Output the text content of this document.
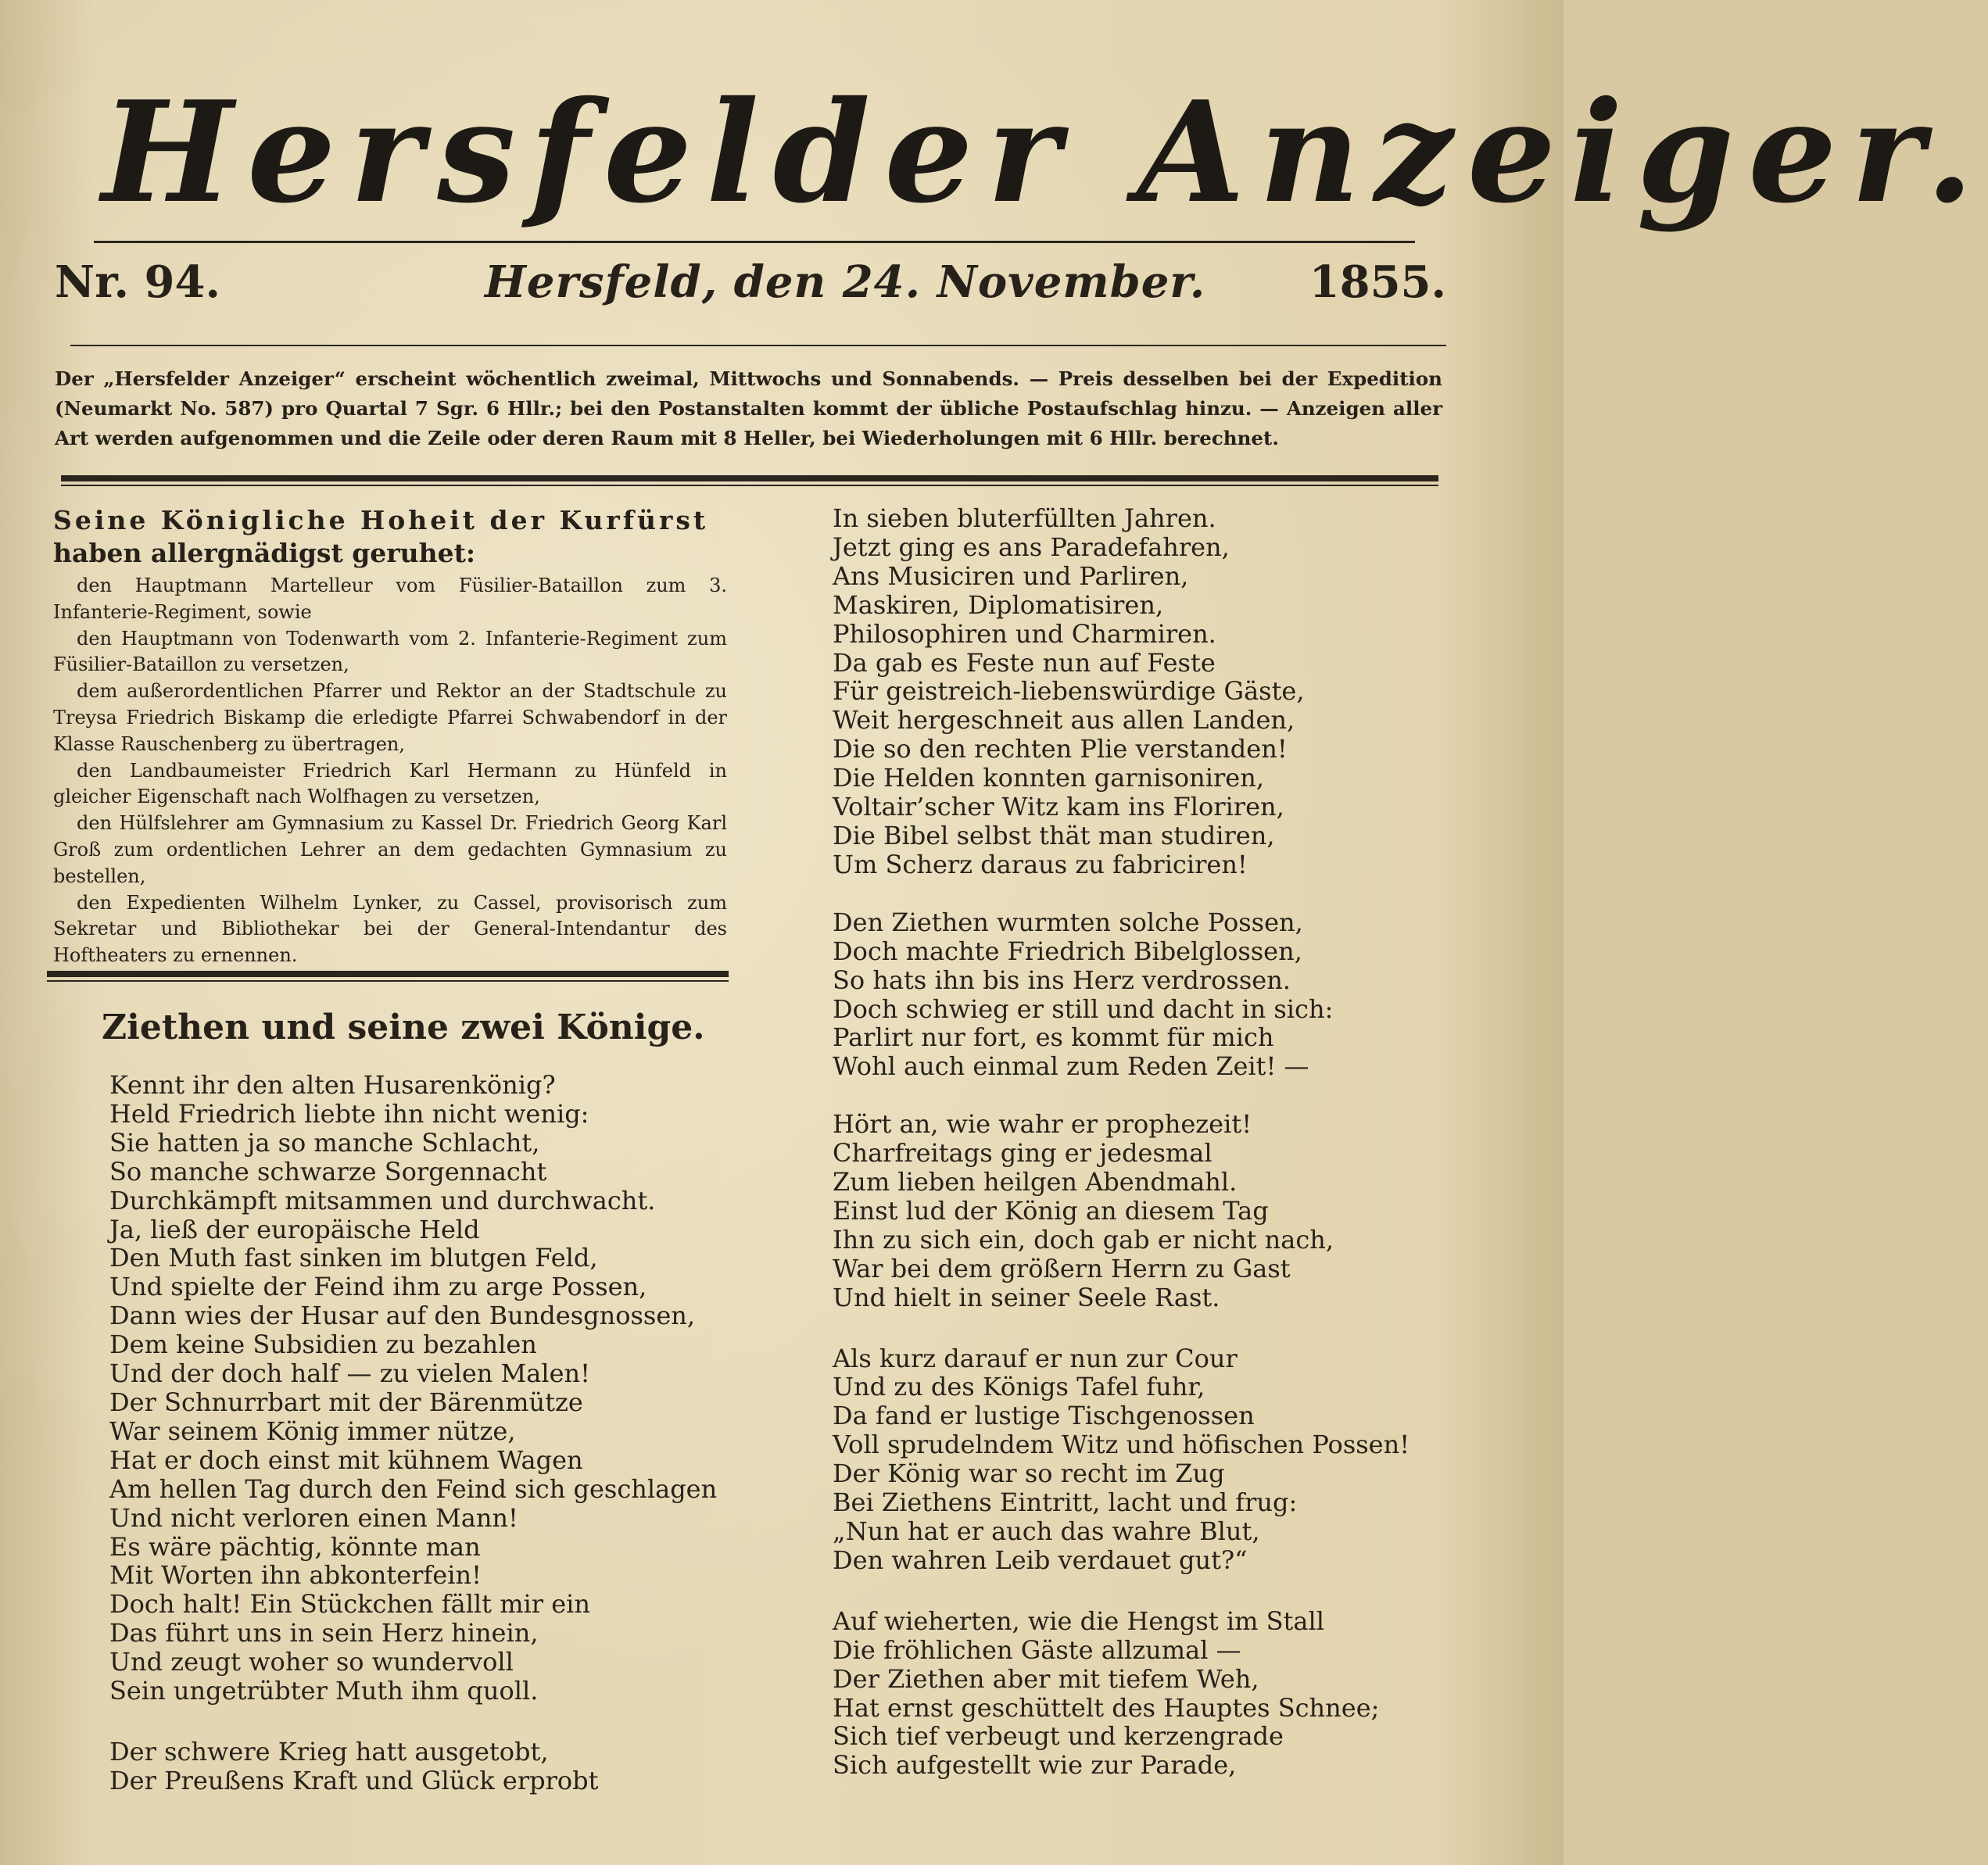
Hersfelder Anzeiger.
Nr. 94.	Hersfeld, den 24. November. 1855.
Der „Hersfelder Anzeiger“ erscheint wöchentlich zweimal, Mittwochs und Sonnabends. — Preis desselben bei der Expedition (Neumarkt No. 587) pro Quartal 7 Sgr. 6 Hllr.; bei den Postanstalten kommt der übliche Postaufschlag hinzu. — Anzeigen aller Art werden aufgenommen und die Zeile oder deren Raum mit 8 Heller, bei Wiederholungen mit 6 Hllr. berechnet.

Seine Königliche Hoheit der Kurfürst
haben allergnädigst geruhet:

den Hauptmann Martelleur vom Füsilier-Bataillon zum 3. Infanterie-Regiment, sowie

den Hauptmann von Todenwarth vom 2. Infanterie-Regiment zum Füsilier-Bataillon zu versetzen,

dem außerordentlichen Pfarrer und Rektor an der Stadtschule zu Treysa Friedrich Biskamp die erledigte Pfarrei Schwabendorf in der Klasse Rauschenberg zu übertragen,

den Landbaumeister Friedrich Karl Hermann zu Hünfeld in gleicher Eigenschaft nach Wolfhagen zu versetzen,

den Hülfslehrer am Gymnasium zu Kassel Dr. Friedrich Georg Karl Groß zum ordentlichen Lehrer an dem gedachten Gymnasium zu bestellen,

den Expedienten Wilhelm Lynker, zu Cassel, provisorisch zum Sekretar und Bibliothekar bei der General-Intendantur des Hoftheaters zu ernennen.

Ziethen und seine zwei Könige.
Kennt ihr den alten Husarenkönig?
Held Friedrich liebte ihn nicht wenig:
Sie hatten ja so manche Schlacht,
So manche schwarze Sorgennacht
Durchkämpft mitsammen und durchwacht.
Ja, ließ der europäische Held
Den Muth fast sinken im blutgen Feld,
Und spielte der Feind ihm zu arge Possen,
Dann wies der Husar auf den Bundesgnossen,
Dem keine Subsidien zu bezahlen
Und der doch half — zu vielen Malen!
Der Schnurrbart mit der Bärenmütze
War seinem König immer nütze,
Hat er doch einst mit kühnem Wagen
Am hellen Tag durch den Feind sich geschlagen
Und nicht verloren einen Mann!
Es wäre pächtig, könnte man
Mit Worten ihn abkonterfein!
Doch halt! Ein Stückchen fällt mir ein
Das führt uns in sein Herz hinein,
Und zeugt woher so wundervoll
Sein ungetrübter Muth ihm quoll.
Der schwere Krieg hatt ausgetobt,
Der Preußens Kraft und Glück erprobt
In sieben bluterfüllten Jahren.
Jetzt ging es ans Paradefahren,
Ans Musiciren und Parliren,
Maskiren, Diplomatisiren,
Philosophiren und Charmiren.
Da gab es Feste nun auf Feste
Für geistreich-liebenswürdige Gäste,
Weit hergeschneit aus allen Landen,
Die so den rechten Plie verstanden!
Die Helden konnten garnisoniren,
Voltair’scher Witz kam ins Floriren,
Die Bibel selbst thät man studiren,
Um Scherz daraus zu fabriciren!
Den Ziethen wurmten solche Possen,
Doch machte Friedrich Bibelglossen,
So hats ihn bis ins Herz verdrossen.
Doch schwieg er still und dacht in sich:
Parlirt nur fort, es kommt für mich
Wohl auch einmal zum Reden Zeit! —
Hört an, wie wahr er prophezeit!
Charfreitags ging er jedesmal
Zum lieben heilgen Abendmahl.
Einst lud der König an diesem Tag
Ihn zu sich ein, doch gab er nicht nach,
War bei dem größern Herrn zu Gast
Und hielt in seiner Seele Rast.
Als kurz darauf er nun zur Cour
Und zu des Königs Tafel fuhr,
Da fand er lustige Tischgenossen
Voll sprudelndem Witz und höfischen Possen!
Der König war so recht im Zug
Bei Ziethens Eintritt, lacht und frug:
„Nun hat er auch das wahre Blut,
Den wahren Leib verdauet gut?“
Auf wieherten, wie die Hengst im Stall
Die fröhlichen Gäste allzumal —
Der Ziethen aber mit tiefem Weh,
Hat ernst geschüttelt des Hauptes Schnee;
Sich tief verbeugt und kerzengrade
Sich aufgestellt wie zur Parade,
